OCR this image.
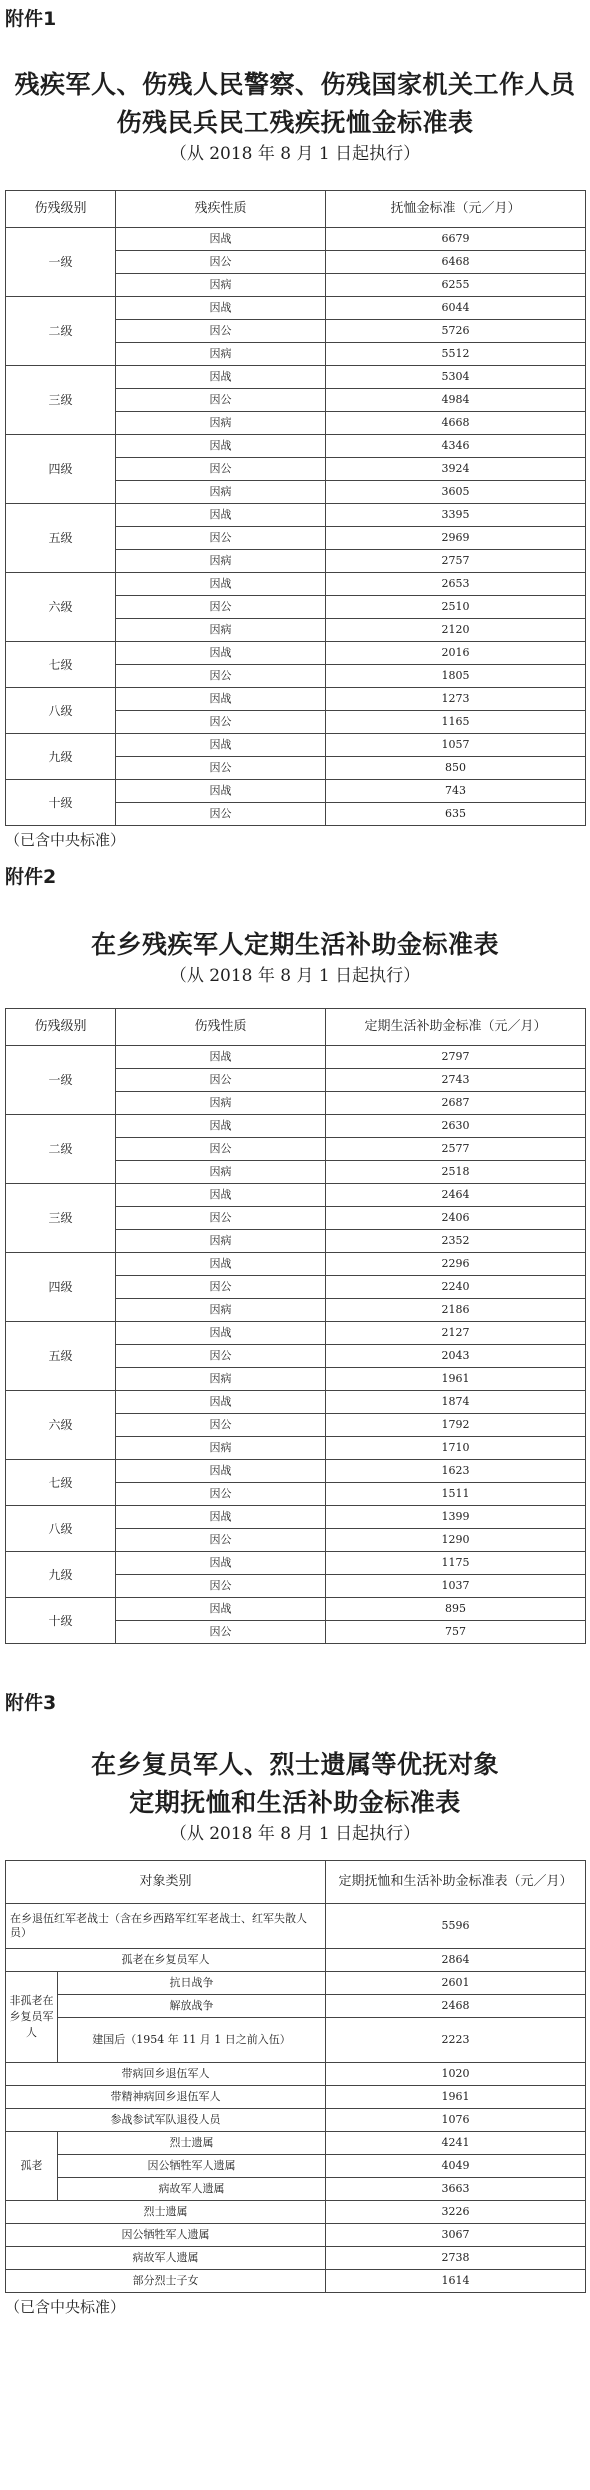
附件1

残疾军人、伤残人民警察、伤残国家机关工作人员

伤残民兵民工残疾抚恤金标准表

（从 2018 年 8 月 1 日起执行）

伤残级别	残疾性质	抚恤金标准（元／月）
一级	因战	6679
	因公	6468
	因病	6255
二级	因战	6044
	因公	5726
	因病	5512
三级	因战	5304
	因公	4984
	因病	4668
四级	因战	4346
	因公	3924
	因病	3605
五级	因战	3395
	因公	2969
	因病	2757
六级	因战	2653
	因公	2510
	因病	2120
七级	因战	2016
	因公	1805
八级	因战	1273
	因公	1165
九级	因战	1057
	因公	850
十级	因战	743
	因公	635

（已含中央标准）

附件2

在乡残疾军人定期生活补助金标准表

（从 2018 年 8 月 1 日起执行）

伤残级别	伤残性质	定期生活补助金标准（元／月）
一级	因战	2797
	因公	2743
	因病	2687
二级	因战	2630
	因公	2577
	因病	2518
三级	因战	2464
	因公	2406
	因病	2352
四级	因战	2296
	因公	2240
	因病	2186
五级	因战	2127
	因公	2043
	因病	1961
六级	因战	1874
	因公	1792
	因病	1710
七级	因战	1623
	因公	1511
八级	因战	1399
	因公	1290
九级	因战	1175
	因公	1037
十级	因战	895
	因公	757

附件3

在乡复员军人、烈士遗属等优抚对象

定期抚恤和生活补助金标准表

（从 2018 年 8 月 1 日起执行）

对象类别		定期抚恤和生活补助金标准表（元／月）
在乡退伍红军老战士（含在乡西路军红军老战士、红军失散人员）		5596
孤老在乡复员军人		2864
非孤老在乡复员军人	抗日战争	2601
	解放战争	2468
	建国后（1954 年 11 月 1 日之前入伍）	2223
带病回乡退伍军人		1020
带精神病回乡退伍军人		1961
参战参试军队退役人员		1076
孤老	烈士遗属	4241
	因公牺牲军人遗属	4049
	病故军人遗属	3663
烈士遗属		3226
因公牺牲军人遗属		3067
病故军人遗属		2738
部分烈士子女		1614

（已含中央标准）
